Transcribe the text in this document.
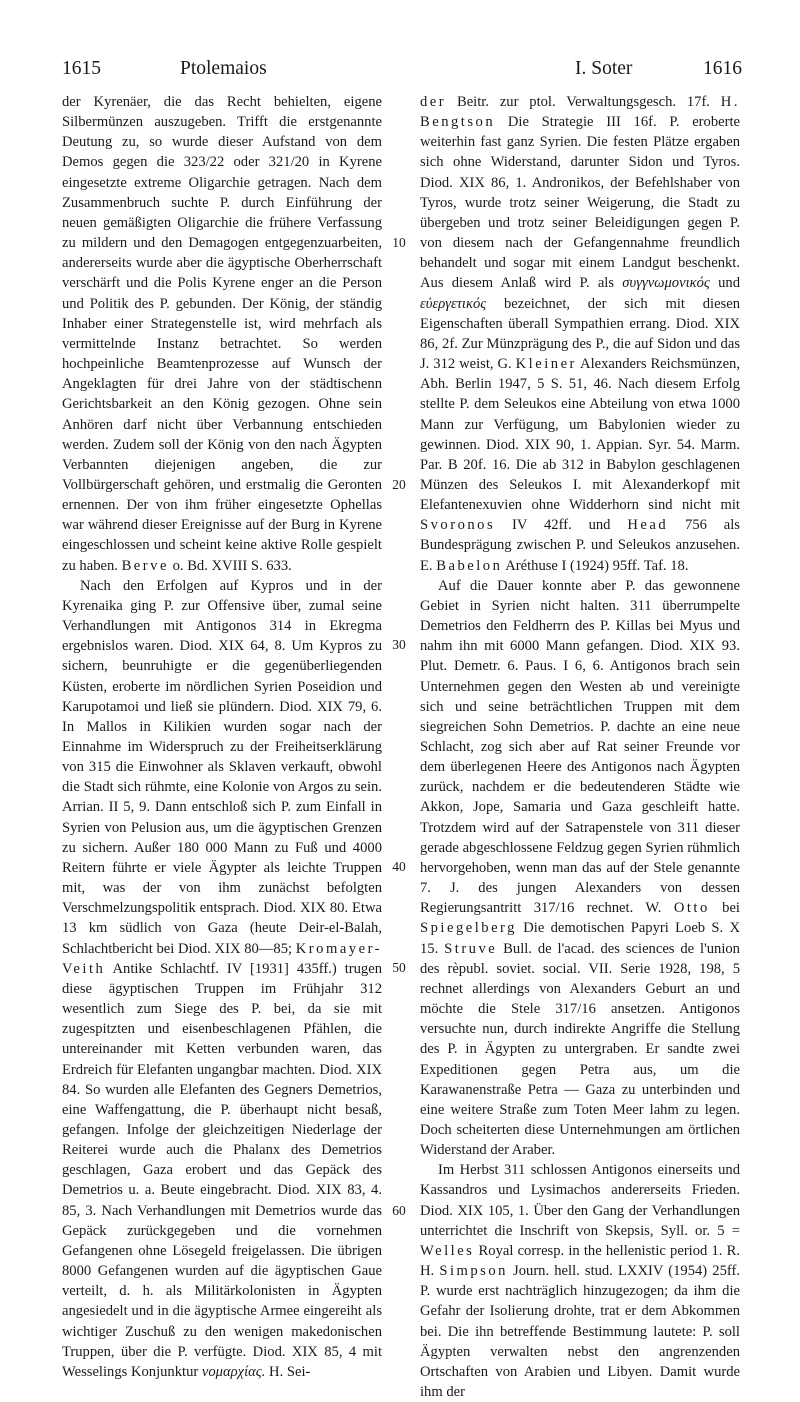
1615	Ptolemaios	I. Soter	1616

der Kyrenäer, die das Recht behielten, eigene Silbermünzen auszugeben. Trifft die erstgenannte Deutung zu, so wurde dieser Aufstand von dem Demos gegen die 323/22 oder 321/20 in Kyrene eingesetzte extreme Oligarchie getragen. Nach dem Zusammenbruch suchte P. durch Einführung der neuen gemäßigten Oligarchie die frühere Verfassung zu mildern und den Demagogen entgegenzuarbeiten, andererseits wurde aber die ägyptische Oberherrschaft verschärft und die Polis Kyrene enger an die Person und Politik des P. gebunden. Der König, der ständig Inhaber einer Strategenstelle ist, wird mehrfach als vermittelnde Instanz betrachtet. So werden hochpeinliche Beamtenprozesse auf Wunsch der Angeklagten für drei Jahre von der städtischenn Gerichtsbarkeit an den König gezogen. Ohne sein Anhören darf nicht über Verbannung entschieden werden. Zudem soll der König von den nach Ägypten Verbannten diejenigen angeben, die zur Vollbürgerschaft gehören, und erstmalig die Geronten ernennen. Der von ihm früher eingesetzte Ophellas war während dieser Ereignisse auf der Burg in Kyrene eingeschlossen und scheint keine aktive Rolle gespielt zu haben. Berve o. Bd. XVIII S. 633.

Nach den Erfolgen auf Kypros und in der Kyrenaika ging P. zur Offensive über, zumal seine Verhandlungen mit Antigonos 314 in Ekregma ergebnislos waren. Diod. XIX 64, 8. Um Kypros zu sichern, beunruhigte er die gegenüberliegenden Küsten, eroberte im nördlichen Syrien Poseidion und Karupotamoi und ließ sie plündern. Diod. XIX 79, 6. In Mallos in Kilikien wurden sogar nach der Einnahme im Widerspruch zu der Freiheitserklärung von 315 die Einwohner als Sklaven verkauft, obwohl die Stadt sich rühmte, eine Kolonie von Argos zu sein. Arrian. II 5, 9. Dann entschloß sich P. zum Einfall in Syrien von Pelusion aus, um die ägyptischen Grenzen zu sichern. Außer 180 000 Mann zu Fuß und 4000 Reitern führte er viele Ägypter als leichte Truppen mit, was der von ihm zunächst befolgten Verschmelzungspolitik entsprach. Diod. XIX 80. Etwa 13 km südlich von Gaza (heute Deir-el-Balah, Schlachtbericht bei Diod. XIX 80—85; Kromayer-Veith Antike Schlachtf. IV [1931] 435ff.) trugen diese ägyptischen Truppen im Frühjahr 312 wesentlich zum Siege des P. bei, da sie mit zugespitzten und eisenbeschlagenen Pfählen, die untereinander mit Ketten verbunden waren, das Erdreich für Elefanten ungangbar machten. Diod. XIX 84. So wurden alle Elefanten des Gegners Demetrios, eine Waffengattung, die P. überhaupt nicht besaß, gefangen. Infolge der gleichzeitigen Niederlage der Reiterei wurde auch die Phalanx des Demetrios geschlagen, Gaza erobert und das Gepäck des Demetrios u. a. Beute eingebracht. Diod. XIX 83, 4. 85, 3. Nach Verhandlungen mit Demetrios wurde das Gepäck zurückgegeben und die vornehmen Gefangenen ohne Lösegeld freigelassen. Die übrigen 8000 Gefangenen wurden auf die ägyptischen Gaue verteilt, d. h. als Militärkolonisten in Ägypten angesiedelt und in die ägyptische Armee eingereiht als wichtiger Zuschuß zu den wenigen makedonischen Truppen, über die P. verfügte. Diod. XIX 85, 4 mit Wesselings Konjunktur νομαρχίας. H. Sei-

10
20
30
40
50
60

der Beitr. zur ptol. Verwaltungsgesch. 17f. H. Bengtson Die Strategie III 16f. P. eroberte weiterhin fast ganz Syrien. Die festen Plätze ergaben sich ohne Widerstand, darunter Sidon und Tyros. Diod. XIX 86, 1. Andronikos, der Befehlshaber von Tyros, wurde trotz seiner Weigerung, die Stadt zu übergeben und trotz seiner Beleidigungen gegen P. von diesem nach der Gefangennahme freundlich behandelt und sogar mit einem Landgut beschenkt. Aus diesem Anlaß wird P. als συγγνωμονικός und εὐεργετικός bezeichnet, der sich mit diesen Eigenschaften überall Sympathien errang. Diod. XIX 86, 2f. Zur Münzprägung des P., die auf Sidon und das J. 312 weist, G. Kleiner Alexanders Reichsmünzen, Abh. Berlin 1947, 5 S. 51, 46. Nach diesem Erfolg stellte P. dem Seleukos eine Abteilung von etwa 1000 Mann zur Verfügung, um Babylonien wieder zu gewinnen. Diod. XIX 90, 1. Appian. Syr. 54. Marm. Par. B 20f. 16. Die ab 312 in Babylon geschlagenen Münzen des Seleukos I. mit Alexanderkopf mit Elefantenexuvien ohne Widderhorn sind nicht mit Svoronos IV 42ff. und Head 756 als Bundesprägung zwischen P. und Seleukos anzusehen. E. Babelon Aréthuse I (1924) 95ff. Taf. 18.

Auf die Dauer konnte aber P. das gewonnene Gebiet in Syrien nicht halten. 311 überrumpelte Demetrios den Feldherrn des P. Killas bei Myus und nahm ihn mit 6000 Mann gefangen. Diod. XIX 93. Plut. Demetr. 6. Paus. I 6, 6. Antigonos brach sein Unternehmen gegen den Westen ab und vereinigte sich und seine beträchtlichen Truppen mit dem siegreichen Sohn Demetrios. P. dachte an eine neue Schlacht, zog sich aber auf Rat seiner Freunde vor dem überlegenen Heere des Antigonos nach Ägypten zurück, nachdem er die bedeutenderen Städte wie Akkon, Jope, Samaria und Gaza geschleift hatte. Trotzdem wird auf der Satrapenstele von 311 dieser gerade abgeschlossene Feldzug gegen Syrien rühmlich hervorgehoben, wenn man das auf der Stele genannte 7. J. des jungen Alexanders von dessen Regierungsantritt 317/16 rechnet. W. Otto bei Spiegelberg Die demotischen Papyri Loeb S. X 15. Struve Bull. de l'acad. des sciences de l'union des rèpubl. soviet. social. VII. Serie 1928, 198, 5 rechnet allerdings von Alexanders Geburt an und möchte die Stele 317/16 ansetzen. Antigonos versuchte nun, durch indirekte Angriffe die Stellung des P. in Ägypten zu untergraben. Er sandte zwei Expeditionen gegen Petra aus, um die Karawanenstraße Petra — Gaza zu unterbinden und eine weitere Straße zum Toten Meer lahm zu legen. Doch scheiterten diese Unternehmungen am örtlichen Widerstand der Araber.

Im Herbst 311 schlossen Antigonos einerseits und Kassandros und Lysimachos andererseits Frieden. Diod. XIX 105, 1. Über den Gang der Verhandlungen unterrichtet die Inschrift von Skepsis, Syll. or. 5 = Welles Royal corresp. in the hellenistic period 1. R. H. Simpson Journ. hell. stud. LXXIV (1954) 25ff. P. wurde erst nachträglich hinzugezogen; da ihm die Gefahr der Isolierung drohte, trat er dem Abkommen bei. Die ihn betreffende Bestimmung lautete: P. soll Ägypten verwalten nebst den angrenzenden Ortschaften von Arabien und Libyen. Damit wurde ihm der
